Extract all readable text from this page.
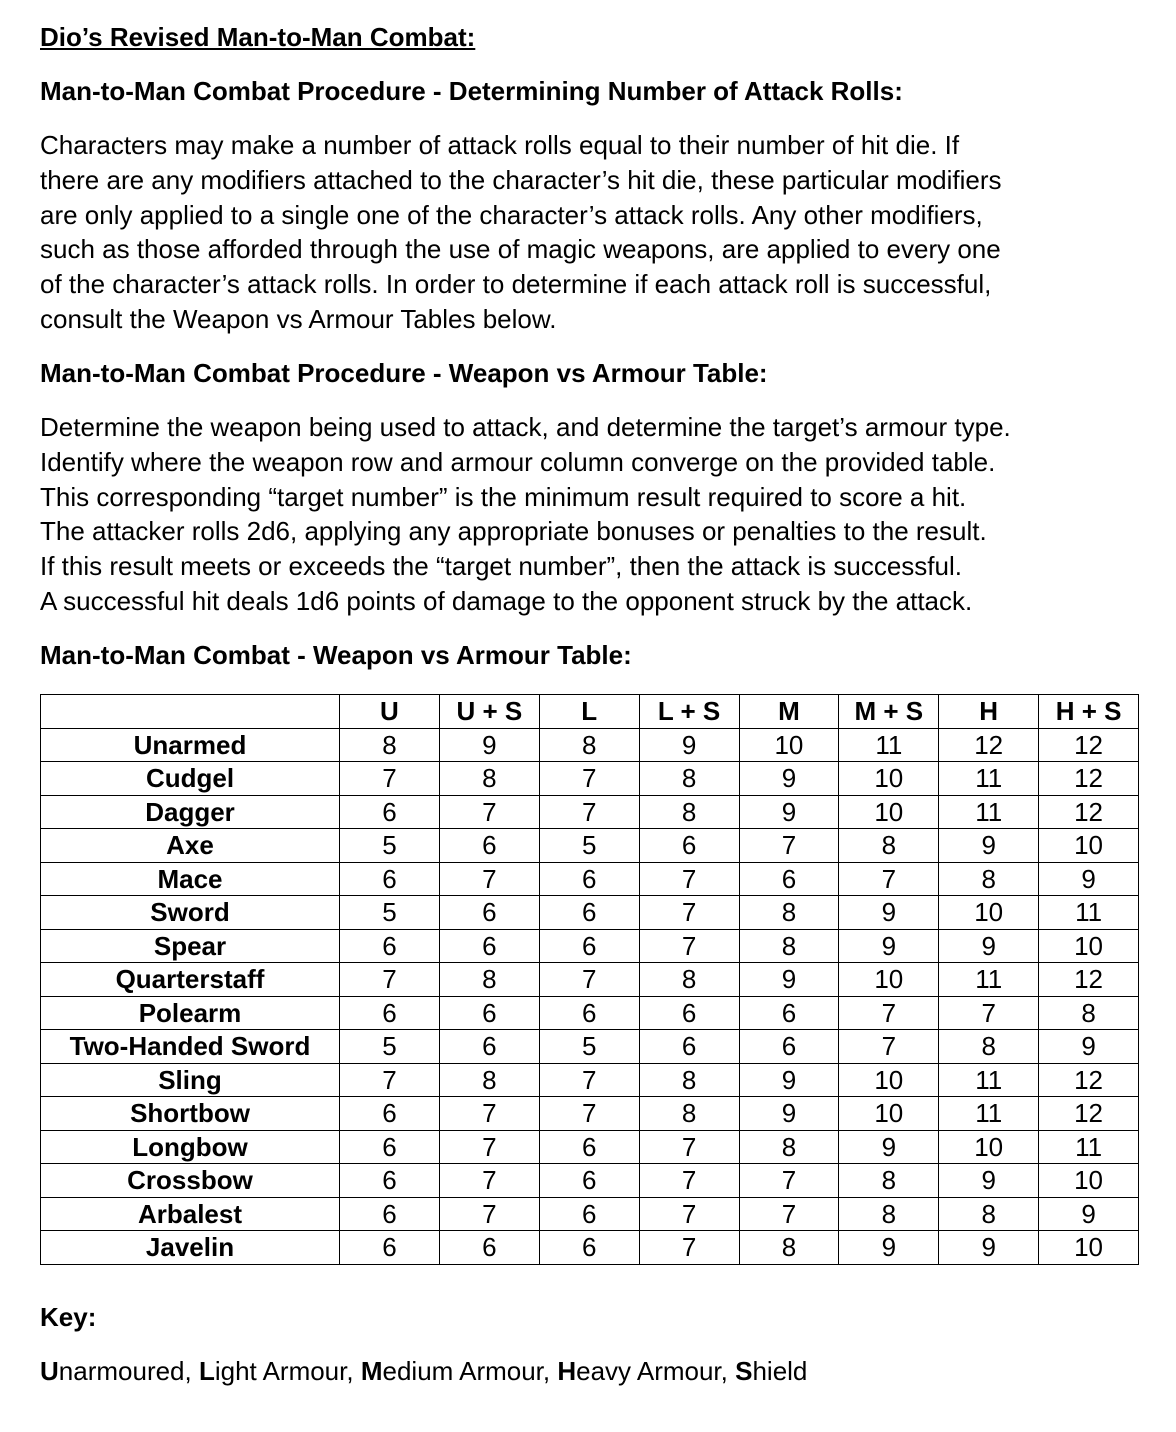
Dio’s Revised Man-to-Man Combat:
Man-to-Man Combat Procedure - Determining Number of Attack Rolls:
Characters may make a number of attack rolls equal to their number of hit die. If
there are any modifiers attached to the character’s hit die, these particular modifiers
are only applied to a single one of the character’s attack rolls. Any other modifiers,
such as those afforded through the use of magic weapons, are applied to every one
of the character’s attack rolls. In order to determine if each attack roll is successful,
consult the Weapon vs Armour Tables below.
Man-to-Man Combat Procedure - Weapon vs Armour Table:
Determine the weapon being used to attack, and determine the target’s armour type.
Identify where the weapon row and armour column converge on the provided table.
This corresponding “target number” is the minimum result required to score a hit.
The attacker rolls 2d6, applying any appropriate bonuses or penalties to the result.
If this result meets or exceeds the “target number”, then the attack is successful.
A successful hit deals 1d6 points of damage to the opponent struck by the attack.
Man-to-Man Combat - Weapon vs Armour Table:
	U	U + S	L	L + S	M	M + S	H	H + S
Unarmed	8	9	8	9	10	11	12	12
Cudgel	7	8	7	8	9	10	11	12
Dagger	6	7	7	8	9	10	11	12
Axe	5	6	5	6	7	8	9	10
Mace	6	7	6	7	6	7	8	9
Sword	5	6	6	7	8	9	10	11
Spear	6	6	6	7	8	9	9	10
Quarterstaff	7	8	7	8	9	10	11	12
Polearm	6	6	6	6	6	7	7	8
Two-Handed Sword	5	6	5	6	6	7	8	9
Sling	7	8	7	8	9	10	11	12
Shortbow	6	7	7	8	9	10	11	12
Longbow	6	7	6	7	8	9	10	11
Crossbow	6	7	6	7	7	8	9	10
Arbalest	6	7	6	7	7	8	8	9
Javelin	6	6	6	7	8	9	9	10
Key:
Unarmoured, Light Armour, Medium Armour, Heavy Armour, Shield
